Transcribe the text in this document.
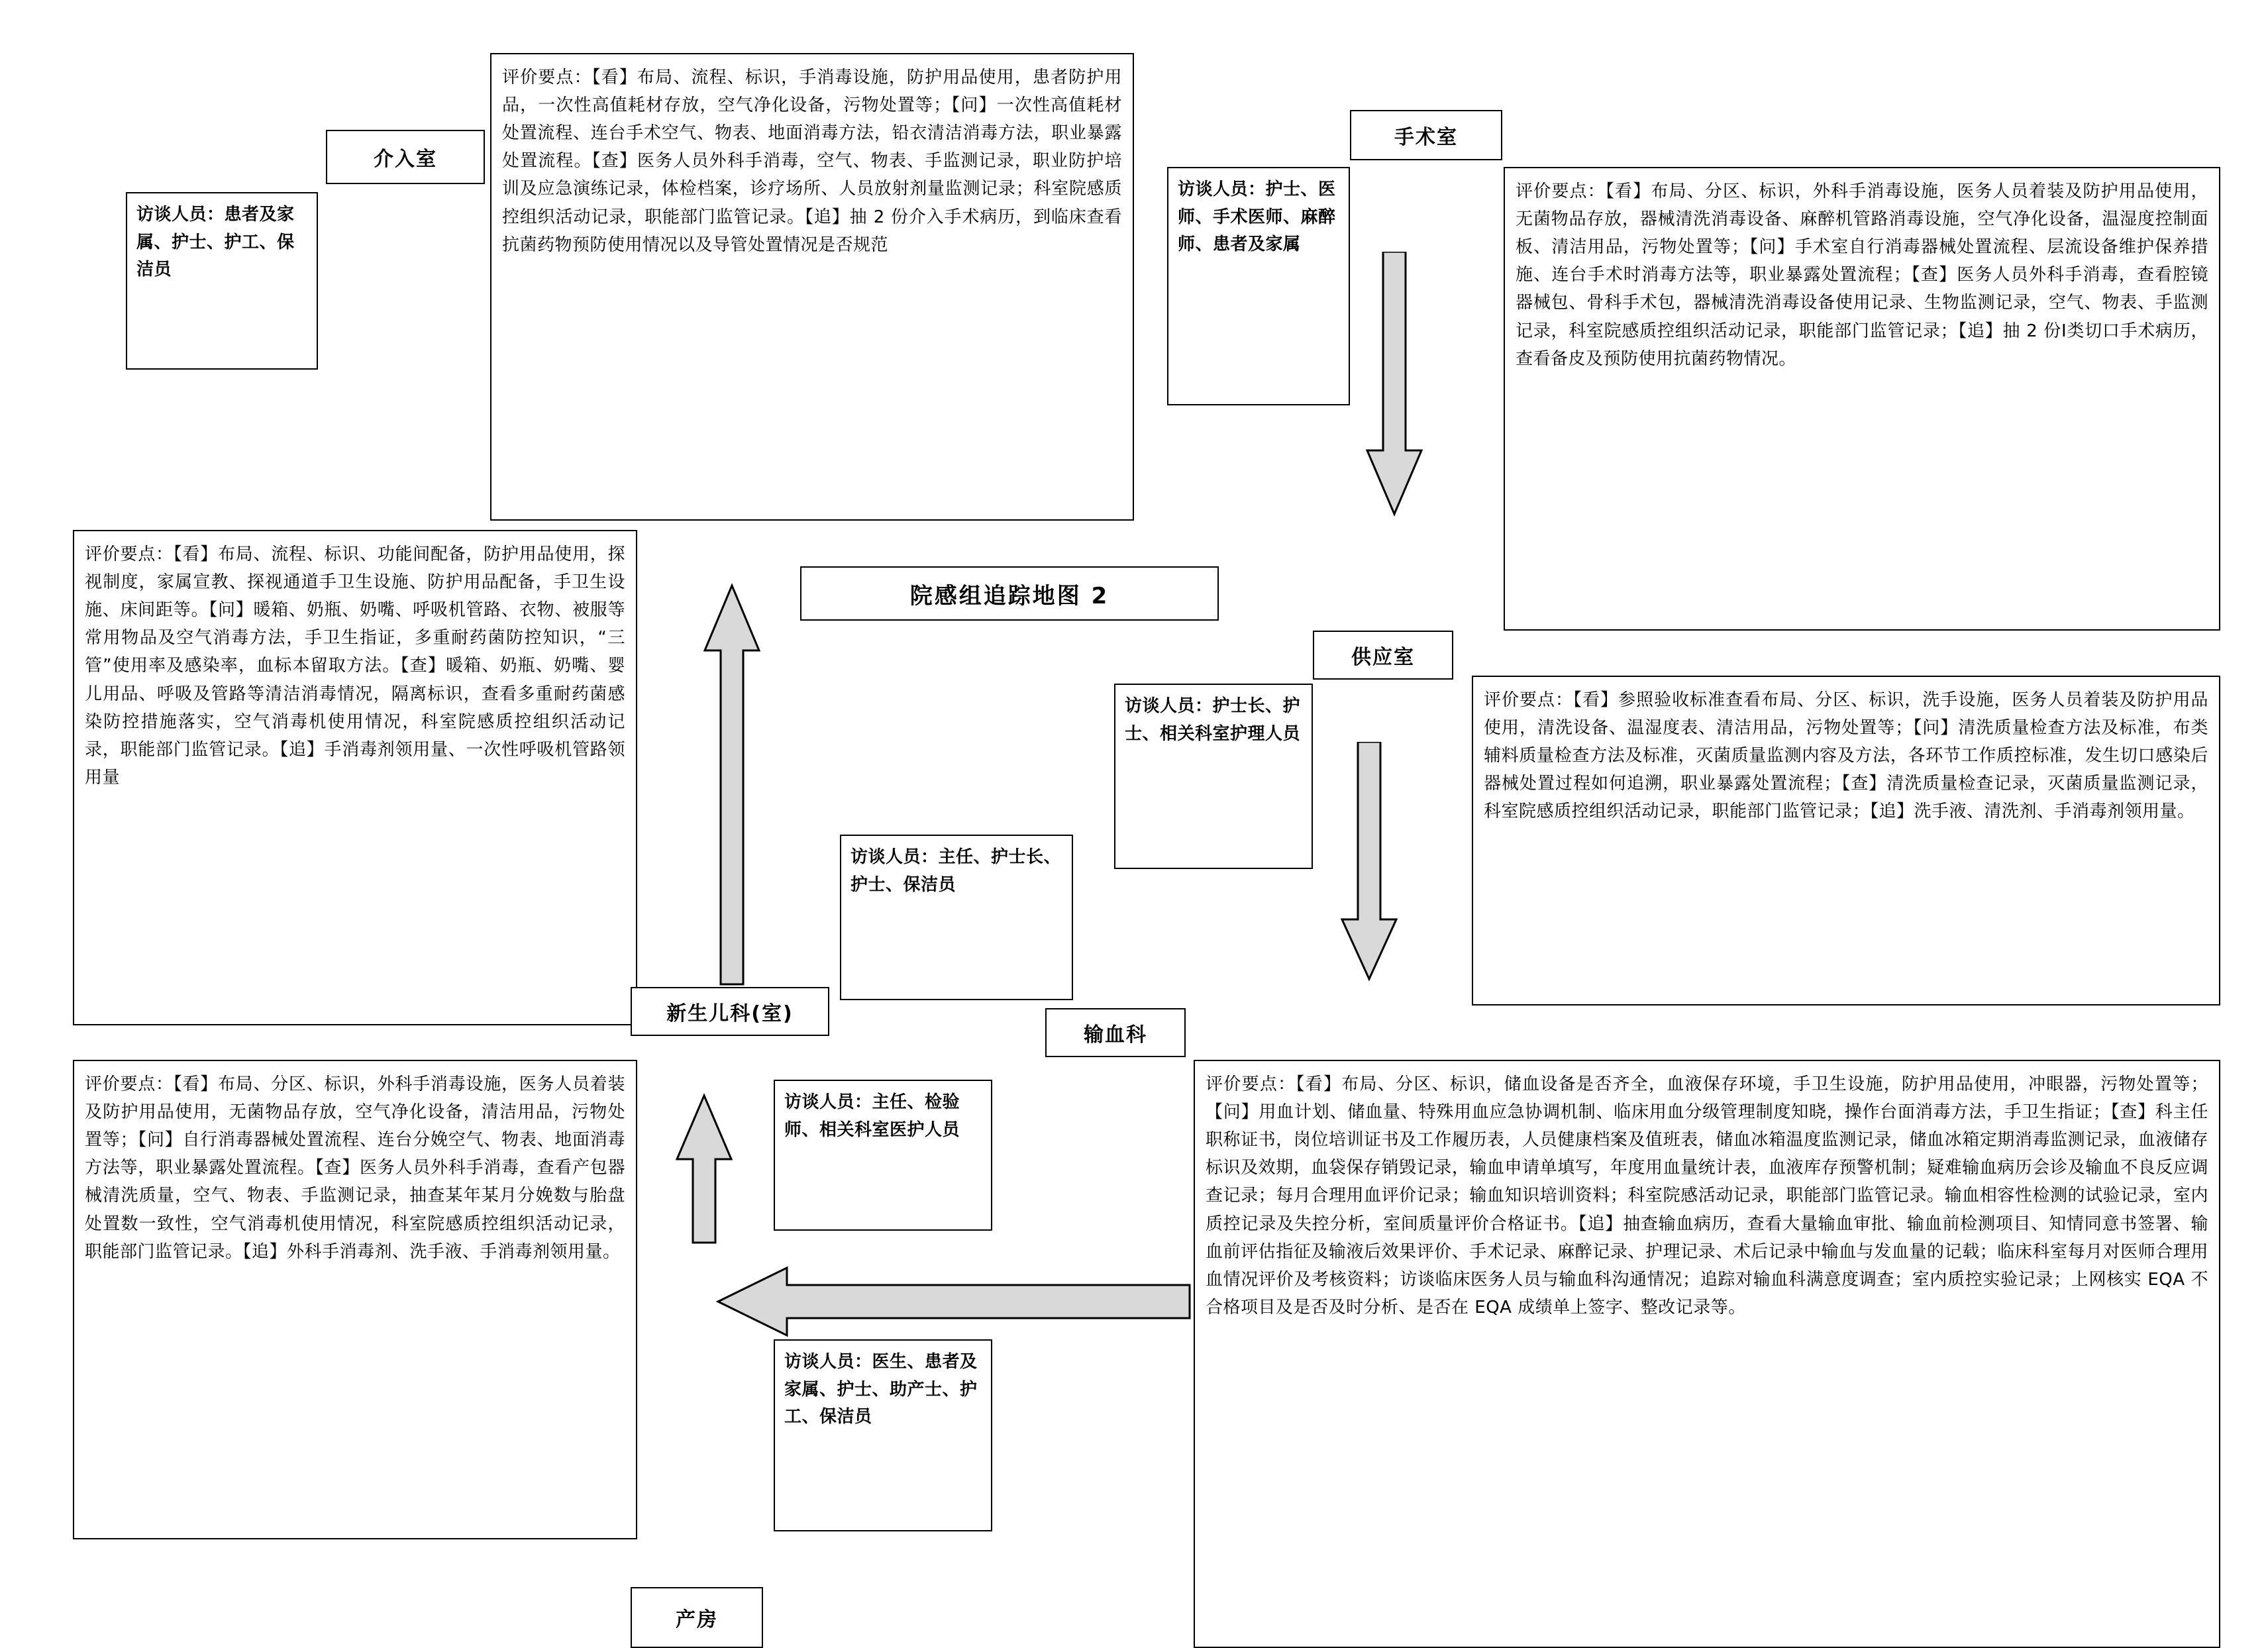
介入室
访谈人员：患者及家属、护士、护工、保洁员
评价要点：【看】布局、流程、标识，手消毒设施，防护用品使用，患者防护用品，一次性高值耗材存放，空气净化设备，污物处置等；【问】一次性高值耗材处置流程、连台手术空气、物表、地面消毒方法，铅衣清洁消毒方法，职业暴露处置流程。【查】医务人员外科手消毒，空气、物表、手监测记录，职业防护培训及应急演练记录，体检档案，诊疗场所、人员放射剂量监测记录；科室院感质控组织活动记录，职能部门监管记录。【追】抽 2 份介入手术病历，到临床查看抗菌药物预防使用情况以及导管处置情况是否规范
手术室
访谈人员：护士、医师、手术医师、麻醉师、患者及家属
评价要点：【看】布局、分区、标识，外科手消毒设施，医务人员着装及防护用品使用，无菌物品存放，器械清洗消毒设备、麻醉机管路消毒设施，空气净化设备，温湿度控制面板、清洁用品，污物处置等；【问】手术室自行消毒器械处置流程、层流设备维护保养措施、连台手术时消毒方法等，职业暴露处置流程；【查】医务人员外科手消毒，查看腔镜器械包、骨科手术包，器械清洗消毒设备使用记录、生物监测记录，空气、物表、手监测记录，科室院感质控组织活动记录，职能部门监管记录；【追】抽 2 份Ⅰ类切口手术病历，查看备皮及预防使用抗菌药物情况。
评价要点：【看】布局、流程、标识、功能间配备，防护用品使用，探视制度，家属宣教、探视通道手卫生设施、防护用品配备，手卫生设施、床间距等。【问】暖箱、奶瓶、奶嘴、呼吸机管路、衣物、被服等常用物品及空气消毒方法，手卫生指证，多重耐药菌防控知识，“三管”使用率及感染率，血标本留取方法。【查】暖箱、奶瓶、奶嘴、婴儿用品、呼吸及管路等清洁消毒情况，隔离标识，查看多重耐药菌感染防控措施落实，空气消毒机使用情况，科室院感质控组织活动记录，职能部门监管记录。【追】手消毒剂领用量、一次性呼吸机管路领用量
新生儿科(室)
访谈人员：主任、护士长、护士、保洁员
院感组追踪地图 2
供应室
访谈人员：护士长、护士、相关科室护理人员
评价要点：【看】参照验收标准查看布局、分区、标识，洗手设施，医务人员着装及防护用品使用，清洗设备、温湿度表、清洁用品，污物处置等；【问】清洗质量检查方法及标准，布类辅料质量检查方法及标准，灭菌质量监测内容及方法，各环节工作质控标准，发生切口感染后器械处置过程如何追溯，职业暴露处置流程；【查】清洗质量检查记录，灭菌质量监测记录，科室院感质控组织活动记录，职能部门监管记录；【追】洗手液、清洗剂、手消毒剂领用量。
输血科
评价要点：【看】布局、分区、标识，储血设备是否齐全，血液保存环境，手卫生设施，防护用品使用，冲眼器，污物处置等；【问】用血计划、储血量、特殊用血应急协调机制、临床用血分级管理制度知晓，操作台面消毒方法，手卫生指证；【查】科主任职称证书，岗位培训证书及工作履历表，人员健康档案及值班表，储血冰箱温度监测记录，储血冰箱定期消毒监测记录，血液储存标识及效期，血袋保存销毁记录，输血申请单填写，年度用血量统计表，血液库存预警机制；疑难输血病历会诊及输血不良反应调查记录；每月合理用血评价记录；输血知识培训资料；科室院感活动记录，职能部门监管记录。输血相容性检测的试验记录，室内质控记录及失控分析，室间质量评价合格证书。【追】抽查输血病历，查看大量输血审批、输血前检测项目、知情同意书签署、输血前评估指征及输液后效果评价、手术记录、麻醉记录、护理记录、术后记录中输血与发血量的记载；临床科室每月对医师合理用血情况评价及考核资料；访谈临床医务人员与输血科沟通情况；追踪对输血科满意度调查；室内质控实验记录；上网核实 EQA 不合格项目及是否及时分析、是否在 EQA 成绩单上签字、整改记录等。
评价要点：【看】布局、分区、标识，外科手消毒设施，医务人员着装及防护用品使用，无菌物品存放，空气净化设备，清洁用品，污物处置等；【问】自行消毒器械处置流程、连台分娩空气、物表、地面消毒方法等，职业暴露处置流程。【查】医务人员外科手消毒，查看产包器械清洗质量，空气、物表、手监测记录，抽查某年某月分娩数与胎盘处置数一致性，空气消毒机使用情况，科室院感质控组织活动记录，职能部门监管记录。【追】外科手消毒剂、洗手液、手消毒剂领用量。
访谈人员：主任、检验师、相关科室医护人员
访谈人员：医生、患者及家属、护士、助产士、护工、保洁员
产房
